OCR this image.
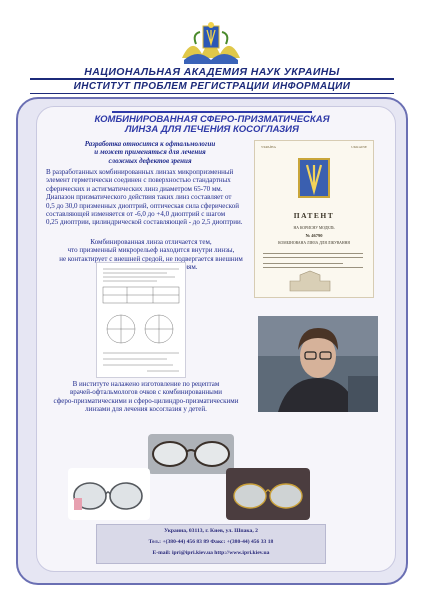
НАЦИОНАЛЬНАЯ АКАДЕМИЯ НАУК УКРАИНЫ
ИНСТИТУТ ПРОБЛЕМ РЕГИСТРАЦИИ ИНФОРМАЦИИ
КОМБИНИРОВАННАЯ СФЕРО-ПРИЗМАТИЧЕСКАЯ
ЛИНЗА ДЛЯ ЛЕЧЕНИЯ КОСОГЛАЗИЯ
Разработка относится к офтальмологии
и может применяться для лечения
сложных дефектов зрения
В разработанных комбинированных линзах микропризменный
элемент герметически соединен с поверхностью стандартных
сферических и астигматических линз диаметром 65-70 мм.
Диапазон призматического действия таких линз составляет от
0,5 до 30,0 призменных диоптрий, оптическая сила сферической
составляющей изменяется от -6,0 до +4,0 диоптрий с шагом
0,25 диоптрии, цилиндрической составляющей - до 2,5 диоптрии.
Комбинированная линза отличается тем,
что призменный микрорельеф находится внутри линзы,
не контактирует с внешней средой, не подвергается внешним
повреждениям и загрязнениям.
УКРАЇНА	UKRAINE
ПАТЕНТ
НА КОРИСНУ МОДЕЛЬ
№ 46790
КОМБІНОВАНА ЛІНЗА ДЛЯ ЛІКУВАННЯ
В институте налажено изготовление по рецептам
врачей-офтальмологов очков с комбинированными
сферо-призматическими и сферо-цилиндро-призматическими
линзами для лечения косоглазия у детей.
Украина, 03113, г. Киев, ул. Шпака, 2
Тел.: +(380-44) 456 83 89 Факс: +(380-44) 456 33 18
E-mail: ipri@ipri.kiev.ua http://www.ipri.kiev.ua
